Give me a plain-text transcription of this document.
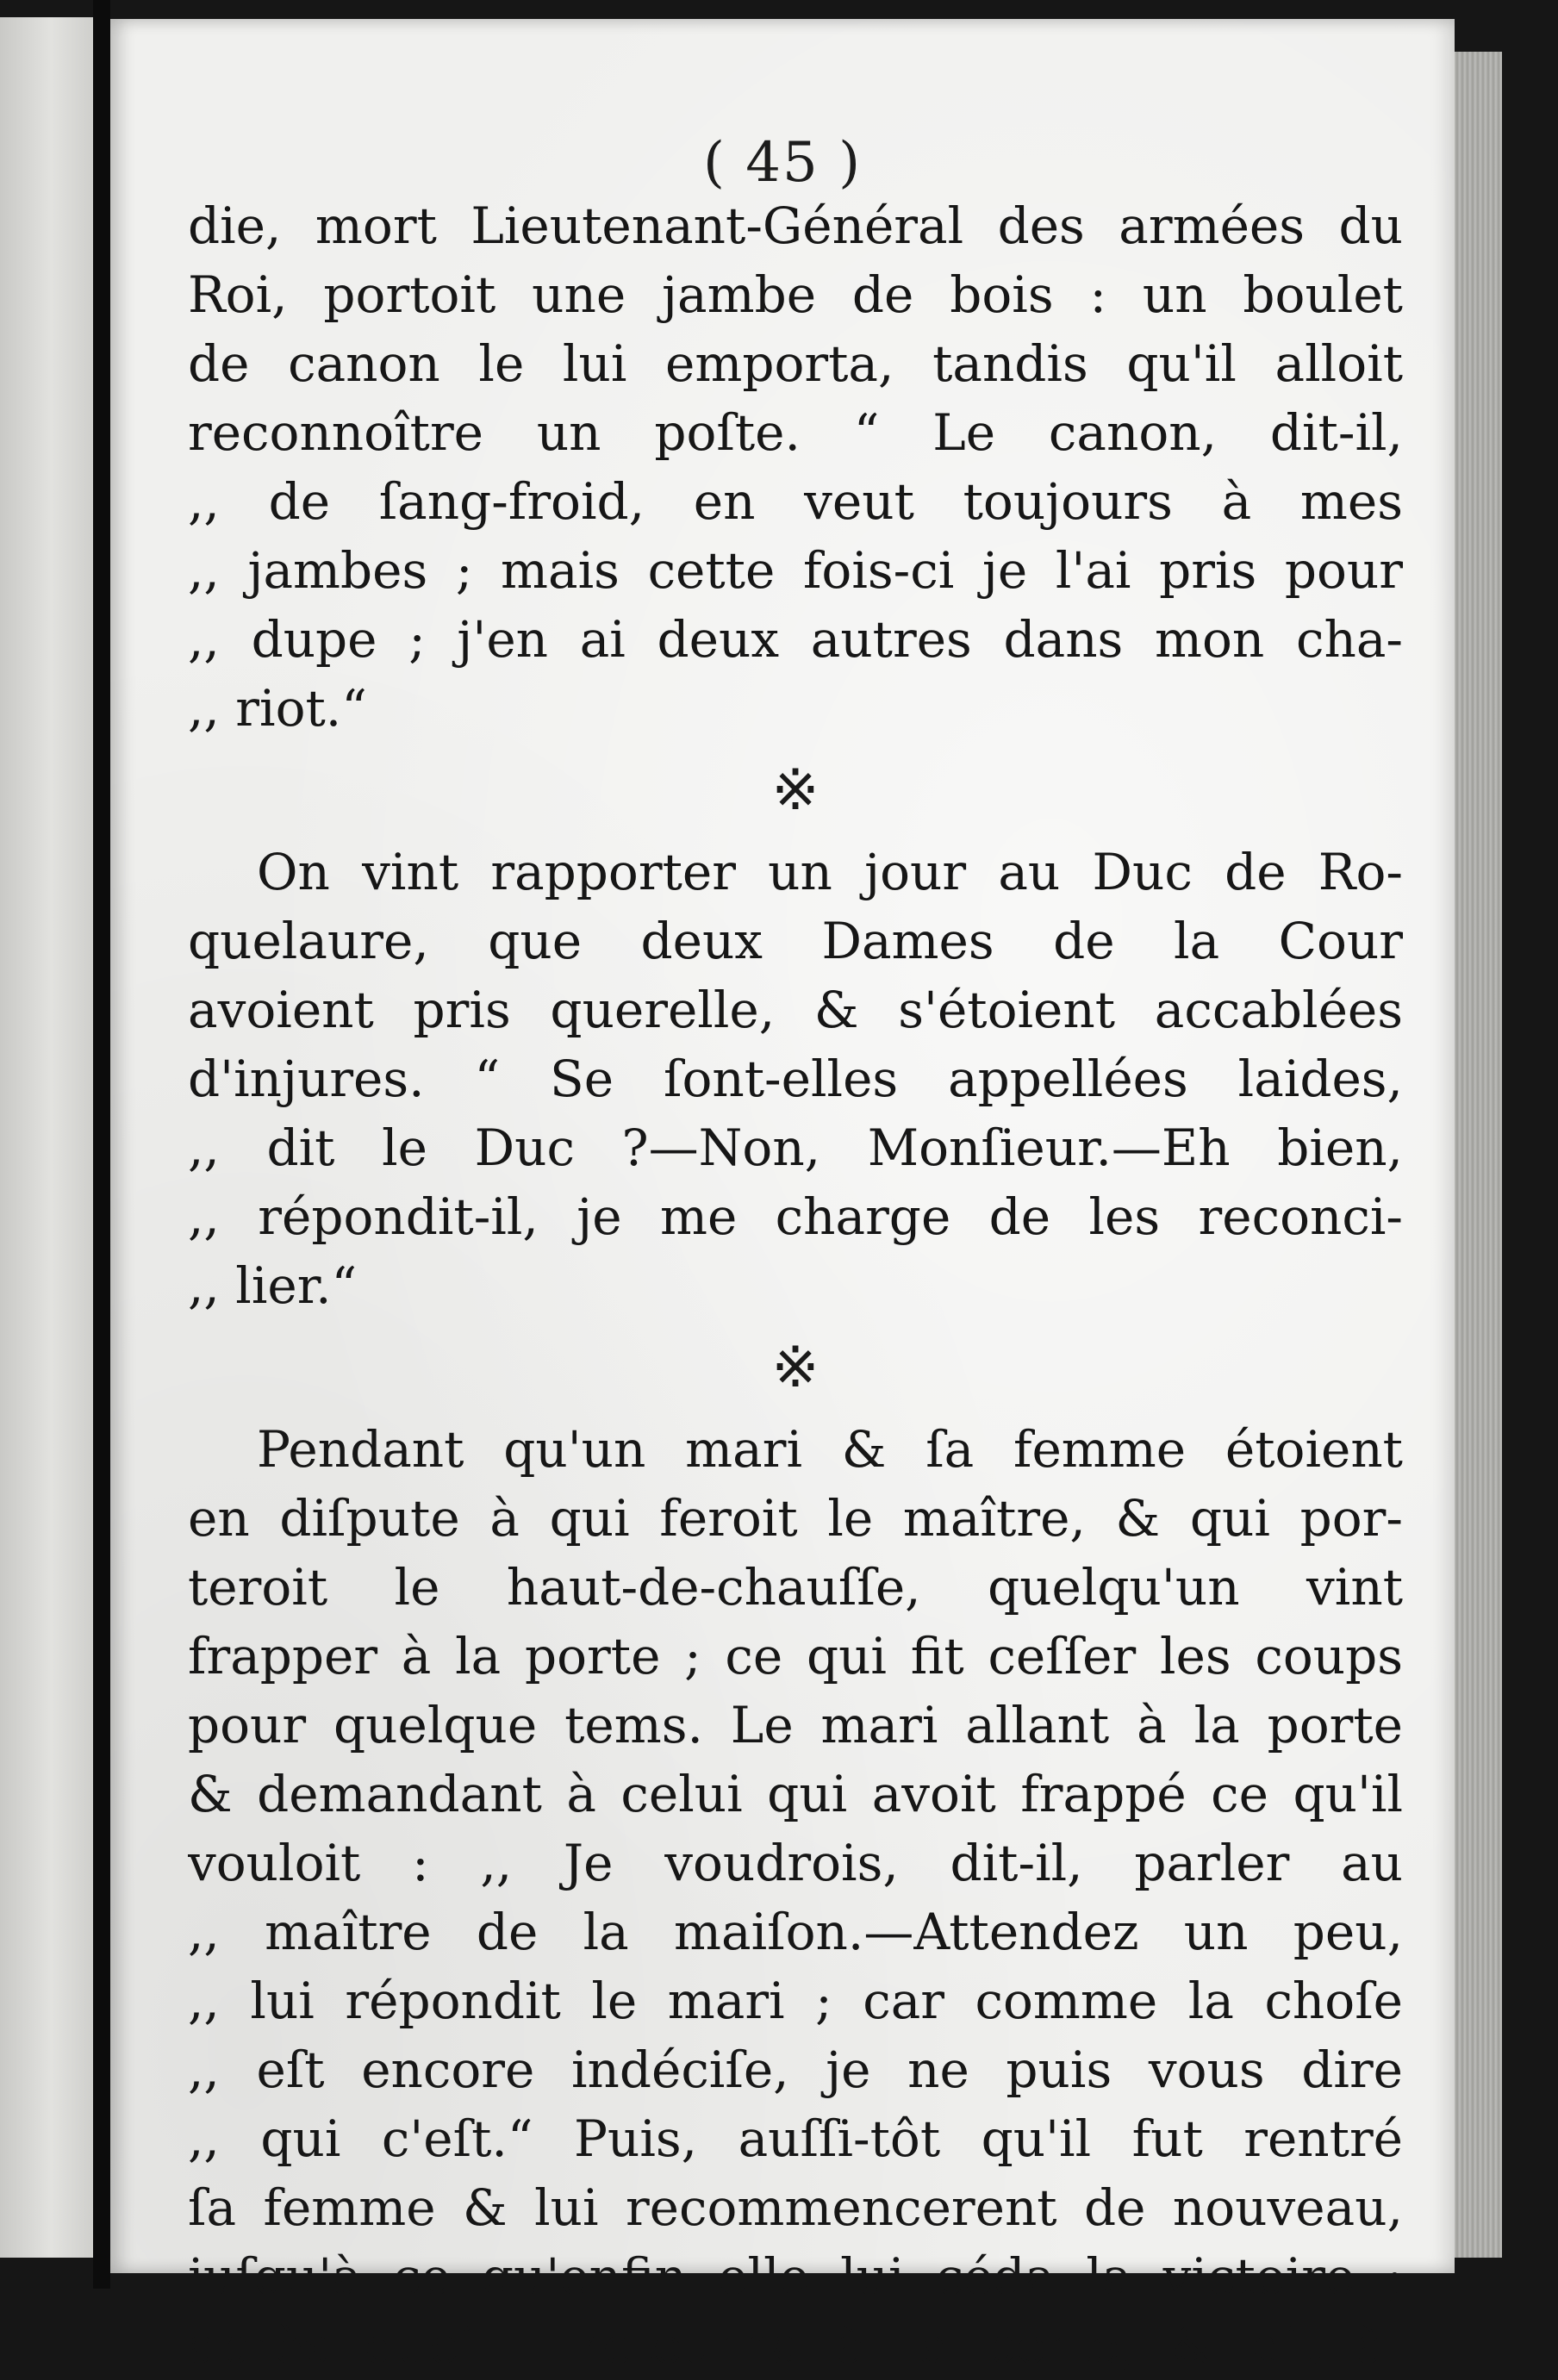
( 45 )
die, mort Lieutenant-Général des armées du
Roi, portoit une jambe de bois : un boulet
de canon le lui emporta, tandis qu'il alloit
reconnoître un poſte. “ Le canon, dit-il,
,, de ſang-froid, en veut toujours à mes
,, jambes ; mais cette fois-ci je l'ai pris pour
,, dupe ; j'en ai deux autres dans mon cha-
,, riot.“
※
On vint rapporter un jour au Duc de Ro-
quelaure, que deux Dames de la Cour
avoient pris querelle, & s'étoient accablées
d'injures. “ Se ſont-elles appellées laides,
,, dit le Duc ?—Non, Monſieur.—Eh bien,
,, répondit-il, je me charge de les reconci-
,, lier.“
※
Pendant qu'un mari & ſa femme étoient
en diſpute à qui feroit le maître, & qui por-
teroit le haut-de-chauſſe, quelqu'un vint
frapper à la porte ; ce qui fit ceſſer les coups
pour quelque tems. Le mari allant à la porte
& demandant à celui qui avoit frappé ce qu'il
vouloit : ,, Je voudrois, dit-il, parler au
,, maître de la maiſon.—Attendez un peu,
,, lui répondit le mari ; car comme la choſe
,, eſt encore indéciſe, je ne puis vous dire
,, qui c'eſt.“ Puis, auſſi-tôt qu'il fut rentré
ſa femme & lui recommencerent de nouveau,
juſqu'à ce qu'enfin elle lui céda la victoire ;
après quoi il retourna à la porte, & dit à-
